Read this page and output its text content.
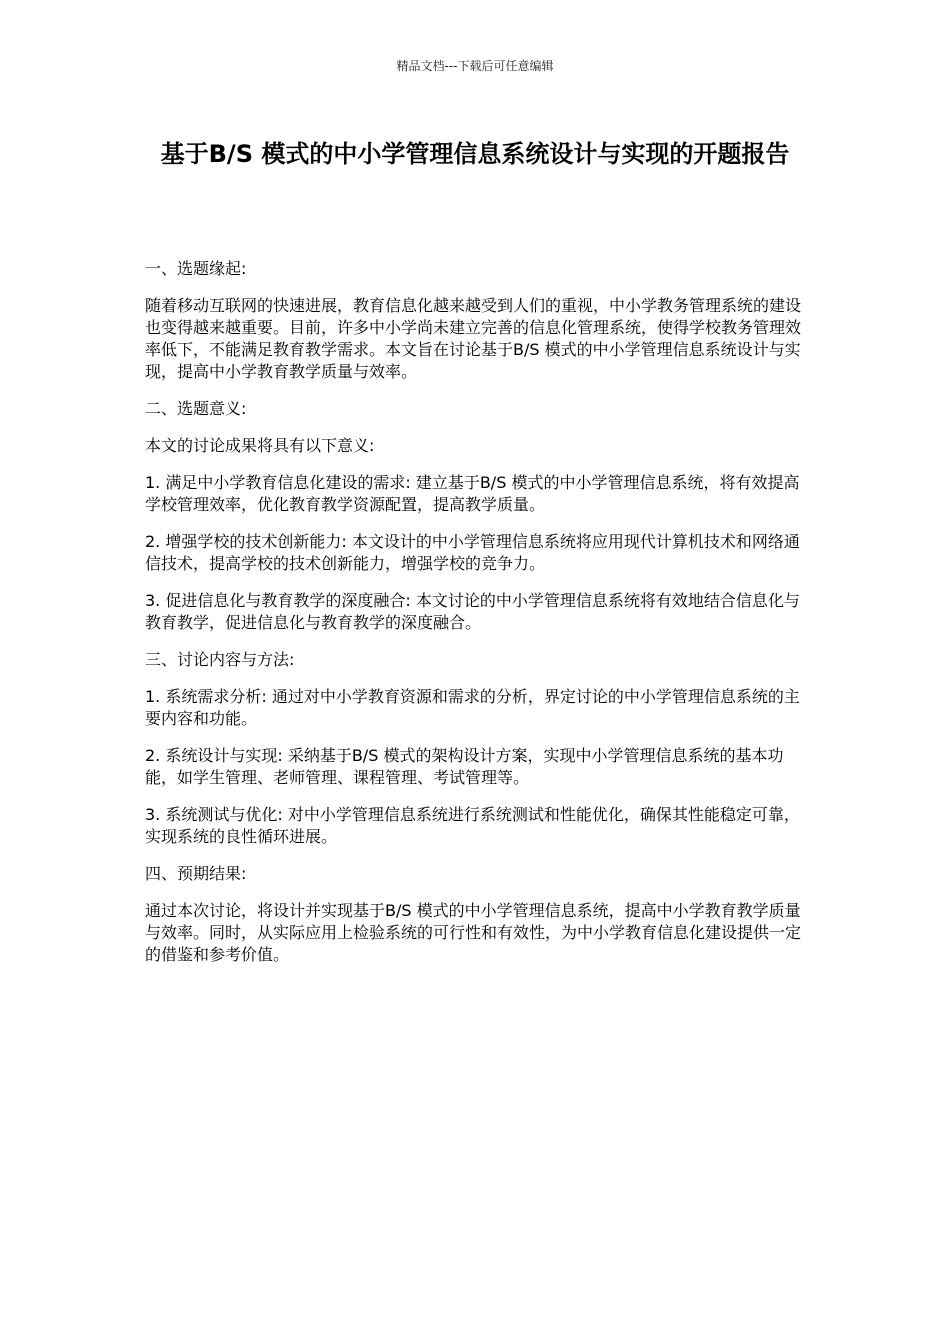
精品文档---下载后可任意编辑
基于B/S 模式的中小学管理信息系统设计与实现的开题报告

一、选题缘起:

随着移动互联网的快速进展，教育信息化越来越受到人们的重视，中小学教务管理系统的建设也变得越来越重要。目前，许多中小学尚未建立完善的信息化管理系统，使得学校教务管理效率低下，不能满足教育教学需求。本文旨在讨论基于B/S 模式的中小学管理信息系统设计与实现，提高中小学教育教学质量与效率。

二、选题意义:

本文的讨论成果将具有以下意义:

1. 满足中小学教育信息化建设的需求: 建立基于B/S 模式的中小学管理信息系统，将有效提高学校管理效率，优化教育教学资源配置，提高教学质量。

2. 增强学校的技术创新能力: 本文设计的中小学管理信息系统将应用现代计算机技术和网络通信技术，提高学校的技术创新能力，增强学校的竞争力。

3. 促进信息化与教育教学的深度融合: 本文讨论的中小学管理信息系统将有效地结合信息化与教育教学，促进信息化与教育教学的深度融合。

三、讨论内容与方法:

1. 系统需求分析: 通过对中小学教育资源和需求的分析，界定讨论的中小学管理信息系统的主要内容和功能。

2. 系统设计与实现: 采纳基于B/S 模式的架构设计方案，实现中小学管理信息系统的基本功能，如学生管理、老师管理、课程管理、考试管理等。

3. 系统测试与优化: 对中小学管理信息系统进行系统测试和性能优化，确保其性能稳定可靠，实现系统的良性循环进展。

四、预期结果:

通过本次讨论，将设计并实现基于B/S 模式的中小学管理信息系统，提高中小学教育教学质量与效率。同时，从实际应用上检验系统的可行性和有效性，为中小学教育信息化建设提供一定的借鉴和参考价值。
